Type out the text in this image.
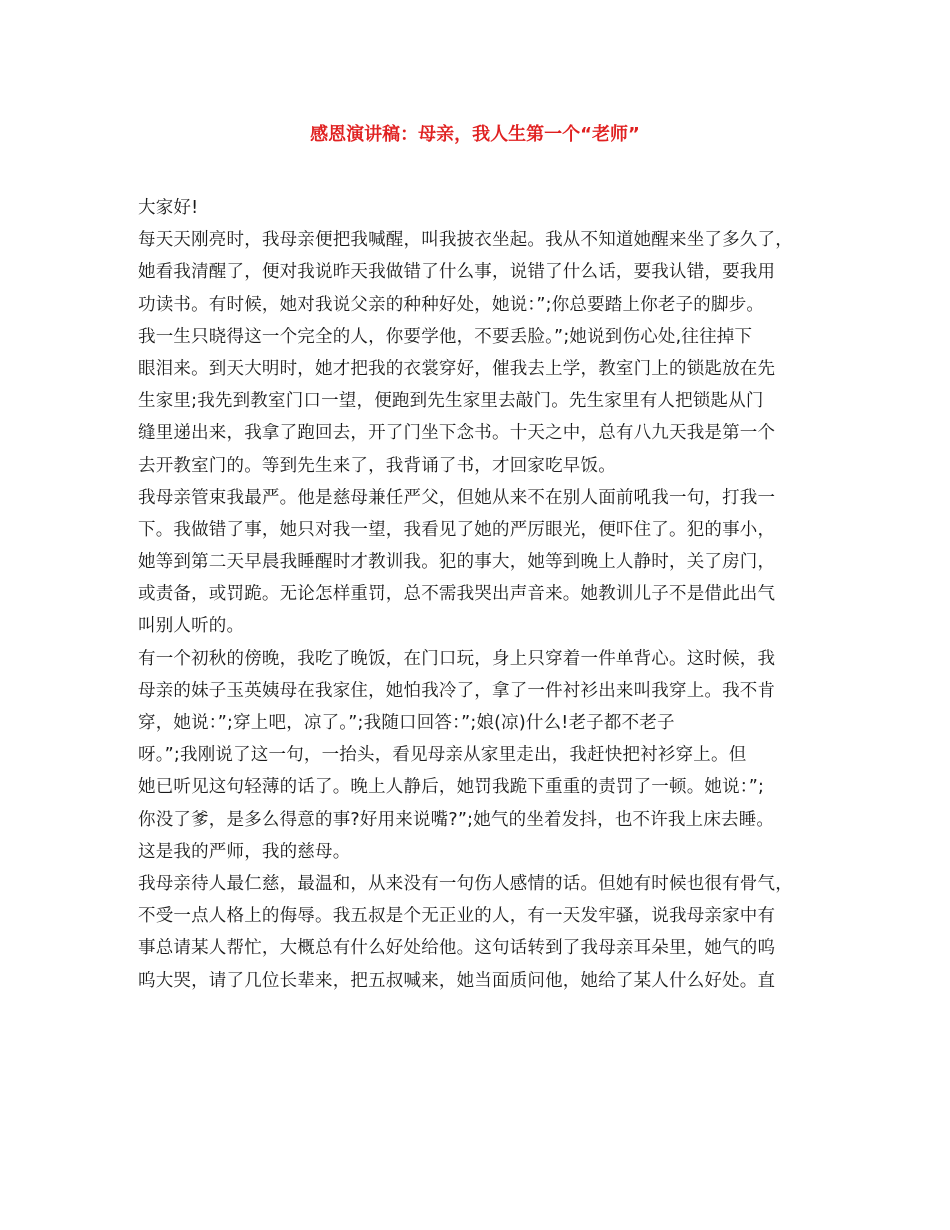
感恩演讲稿：母亲，我人生第一个“老师”
大家好!
每天天刚亮时，我母亲便把我喊醒，叫我披衣坐起。我从不知道她醒来坐了多久了，
她看我清醒了，便对我说昨天我做错了什么事，说错了什么话，要我认错，要我用
功读书。有时候，她对我说父亲的种种好处，她说：”;你总要踏上你老子的脚步。
我一生只晓得这一个完全的人，你要学他，不要丢脸。”;她说到伤心处,往往掉下
眼泪来。到天大明时，她才把我的衣裳穿好，催我去上学，教室门上的锁匙放在先
生家里;我先到教室门口一望，便跑到先生家里去敲门。先生家里有人把锁匙从门
缝里递出来，我拿了跑回去，开了门坐下念书。十天之中，总有八九天我是第一个
去开教室门的。等到先生来了，我背诵了书，才回家吃早饭。
我母亲管束我最严。他是慈母兼任严父，但她从来不在别人面前吼我一句，打我一
下。我做错了事，她只对我一望，我看见了她的严厉眼光，便吓住了。犯的事小，
她等到第二天早晨我睡醒时才教训我。犯的事大，她等到晚上人静时，关了房门，
或责备，或罚跪。无论怎样重罚，总不需我哭出声音来。她教训儿子不是借此出气
叫别人听的。
有一个初秋的傍晚，我吃了晚饭，在门口玩，身上只穿着一件单背心。这时候，我
母亲的妹子玉英姨母在我家住，她怕我冷了，拿了一件衬衫出来叫我穿上。我不肯
穿，她说：”;穿上吧，凉了。”;我随口回答：”;娘(凉)什么!老子都不老子
呀。”;我刚说了这一句，一抬头，看见母亲从家里走出，我赶快把衬衫穿上。但
她已听见这句轻薄的话了。晚上人静后，她罚我跪下重重的责罚了一顿。她说：”;
你没了爹，是多么得意的事?好用来说嘴?”;她气的坐着发抖，也不许我上床去睡。
这是我的严师，我的慈母。
我母亲待人最仁慈，最温和，从来没有一句伤人感情的话。但她有时候也很有骨气，
不受一点人格上的侮辱。我五叔是个无正业的人，有一天发牢骚，说我母亲家中有
事总请某人帮忙，大概总有什么好处给他。这句话转到了我母亲耳朵里，她气的呜
呜大哭，请了几位长辈来，把五叔喊来，她当面质问他，她给了某人什么好处。直
